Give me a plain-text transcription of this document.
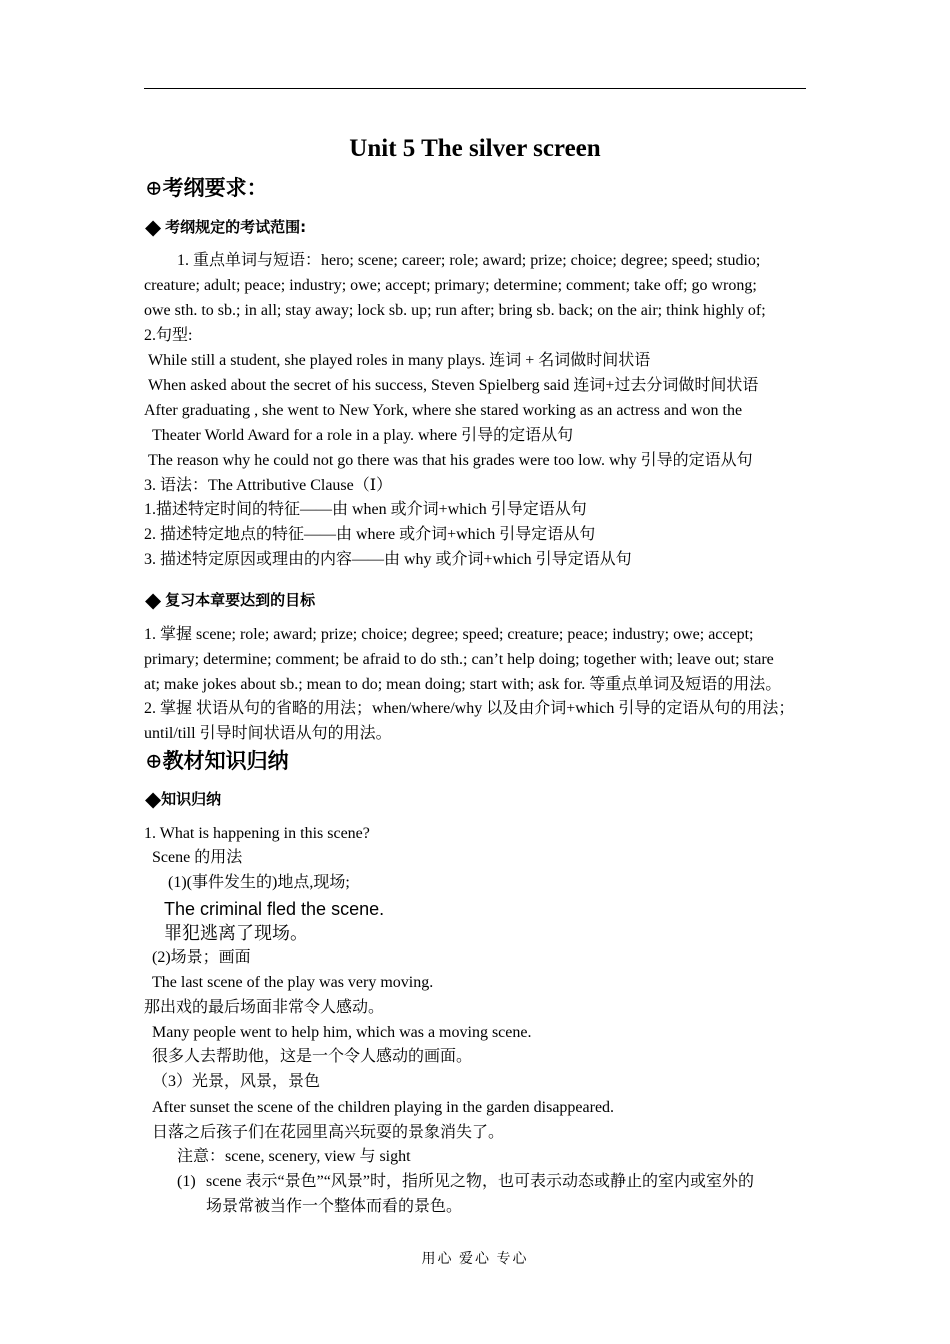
Unit 5 The silver screen
⊕考纲要求：
◆ 考纲规定的考试范围:
1. 重点单词与短语：hero; scene; career; role; award; prize; choice; degree; speed; studio;
creature; adult; peace; industry; owe; accept; primary; determine; comment; take off; go wrong;
owe sth. to sb.; in all; stay away; lock sb. up; run after; bring sb. back; on the air; think highly of;
2.句型:
While still a student, she played roles in many plays. 连词 + 名词做时间状语
When asked about the secret of his success, Steven Spielberg said 连词+过去分词做时间状语
After graduating , she went to New York, where she stared working as an actress and won the
Theater World Award for a role in a play. where 引导的定语从句
The reason why he could not go there was that his grades were too low. why 引导的定语从句
3. 语法：The Attributive Clause（Ⅰ）
1.描述特定时间的特征——由 when 或介词+which 引导定语从句
2. 描述特定地点的特征——由 where 或介词+which 引导定语从句
3. 描述特定原因或理由的内容——由 why 或介词+which 引导定语从句
◆ 复习本章要达到的目标
1. 掌握 scene; role; award; prize; choice; degree; speed; creature; peace; industry; owe; accept;
primary; determine; comment; be afraid to do sth.; can’t help doing; together with; leave out; stare
at; make jokes about sb.; mean to do; mean doing; start with; ask for. 等重点单词及短语的用法。
2. 掌握 状语从句的省略的用法；when/where/why 以及由介词+which 引导的定语从句的用法；
until/till 引导时间状语从句的用法。
⊕教材知识归纳
◆知识归纳
1. What is happening in this scene?
Scene 的用法
(1)(事件发生的)地点,现场;
The criminal fled the scene.
罪犯逃离了现场。
(2)场景；画面
The last scene of the play was very moving.
那出戏的最后场面非常令人感动。
Many people went to help him, which was a moving scene.
很多人去帮助他，这是一个令人感动的画面。
（3）光景，风景，景色
After sunset the scene of the children playing in the garden disappeared.
日落之后孩子们在花园里高兴玩耍的景象消失了。
注意：scene, scenery, view 与 sight
(1) scene 表示“景色”“风景”时，指所见之物，也可表示动态或静止的室内或室外的
场景常被当作一个整体而看的景色。
用心 爱心 专心
